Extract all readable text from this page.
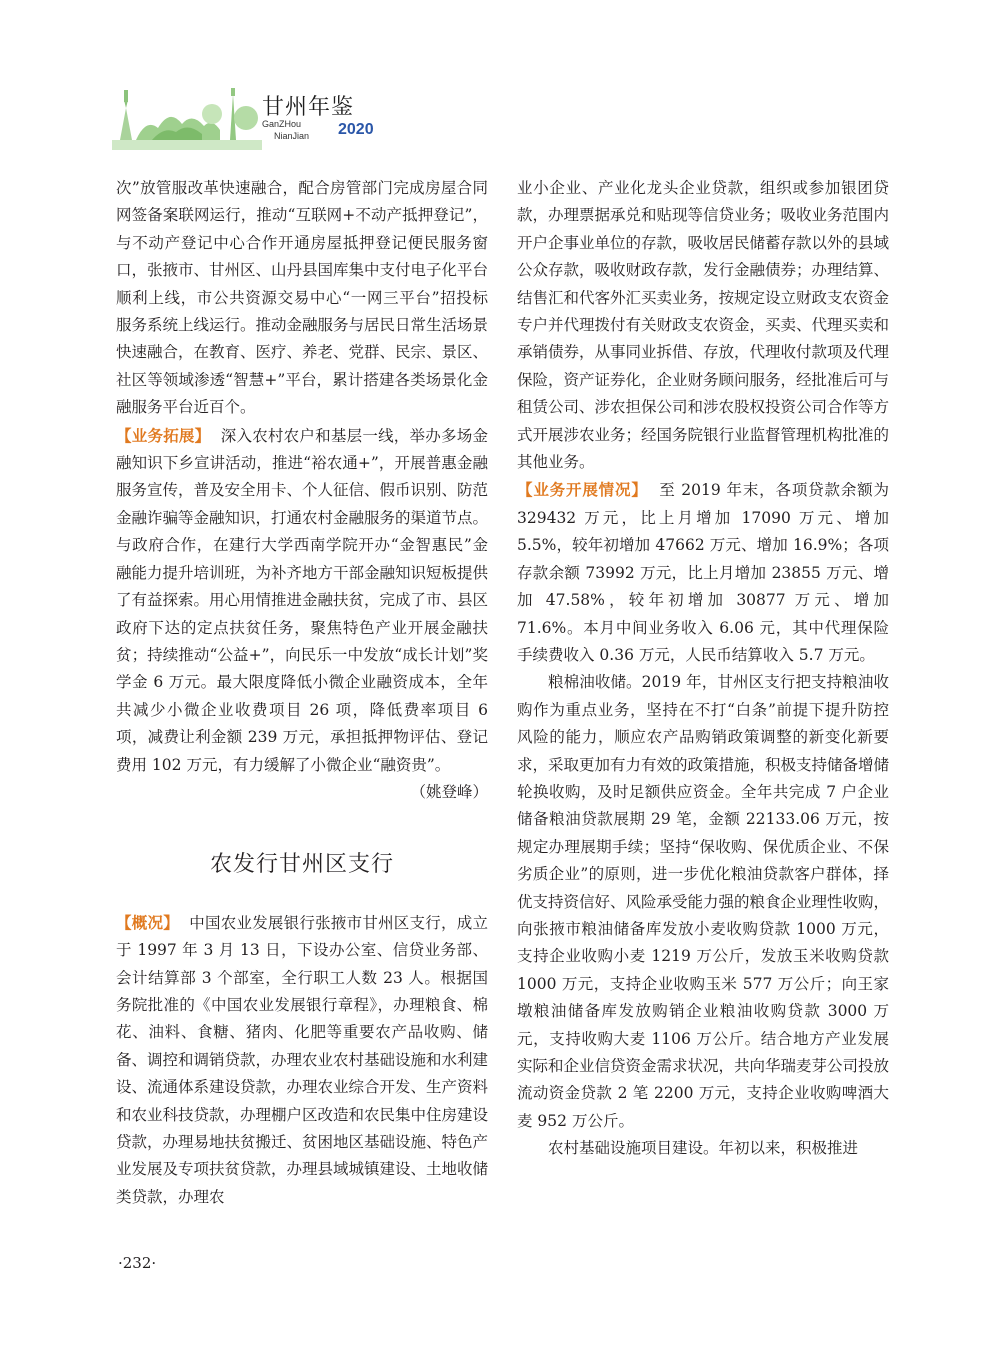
甘州年鉴
GanZHou
NianJian 2020

次”放管服改革快速融合，配合房管部门完成房屋合同网签备案联网运行，推动“互联网+不动产抵押登记”，与不动产登记中心合作开通房屋抵押登记便民服务窗口，张掖市、甘州区、山丹县国库集中支付电子化平台顺利上线，市公共资源交易中心“一网三平台”招投标服务系统上线运行。推动金融服务与居民日常生活场景快速融合，在教育、医疗、养老、党群、民宗、景区、社区等领域渗透“智慧+”平台，累计搭建各类场景化金融服务平台近百个。

【业务拓展】 深入农村农户和基层一线，举办多场金融知识下乡宣讲活动，推进“裕农通+”，开展普惠金融服务宣传，普及安全用卡、个人征信、假币识别、防范金融诈骗等金融知识，打通农村金融服务的渠道节点。与政府合作，在建行大学西南学院开办“金智惠民”金融能力提升培训班，为补齐地方干部金融知识短板提供了有益探索。用心用情推进金融扶贫，完成了市、县区政府下达的定点扶贫任务，聚焦特色产业开展金融扶贫；持续推动“公益+”，向民乐一中发放“成长计划”奖学金 6 万元。最大限度降低小微企业融资成本，全年共减少小微企业收费项目 26 项，降低费率项目 6 项，减费让利金额 239 万元，承担抵押物评估、登记费用 102 万元，有力缓解了小微企业“融资贵”。

（姚登峰）

农发行甘州区支行

【概况】 中国农业发展银行张掖市甘州区支行，成立于 1997 年 3 月 13 日，下设办公室、信贷业务部、会计结算部 3 个部室，全行职工人数 23 人。根据国务院批准的《中国农业发展银行章程》，办理粮食、棉花、油料、食糖、猪肉、化肥等重要农产品收购、储备、调控和调销贷款，办理农业农村基础设施和水利建设、流通体系建设贷款，办理农业综合开发、生产资料和农业科技贷款，办理棚户区改造和农民集中住房建设贷款，办理易地扶贫搬迁、贫困地区基础设施、特色产业发展及专项扶贫贷款，办理县域城镇建设、土地收储类贷款，办理农

业小企业、产业化龙头企业贷款，组织或参加银团贷款，办理票据承兑和贴现等信贷业务；吸收业务范围内开户企事业单位的存款，吸收居民储蓄存款以外的县域公众存款，吸收财政存款，发行金融债券；办理结算、结售汇和代客外汇买卖业务，按规定设立财政支农资金专户并代理拨付有关财政支农资金，买卖、代理买卖和承销债券，从事同业拆借、存放，代理收付款项及代理保险，资产证券化，企业财务顾问服务，经批准后可与租赁公司、涉农担保公司和涉农股权投资公司合作等方式开展涉农业务；经国务院银行业监督管理机构批准的其他业务。

【业务开展情况】 至 2019 年末，各项贷款余额为 329432 万元，比上月增加 17090 万元、增加 5.5%，较年初增加 47662 万元、增加 16.9%；各项存款余额 73992 万元，比上月增加 23855 万元、增加 47.58%，较年初增加 30877 万元、增加 71.6%。本月中间业务收入 6.06 元，其中代理保险手续费收入 0.36 万元，人民币结算收入 5.7 万元。

粮棉油收储。2019 年，甘州区支行把支持粮油收购作为重点业务，坚持在不打“白条”前提下提升防控风险的能力，顺应农产品购销政策调整的新变化新要求，采取更加有力有效的政策措施，积极支持储备增储轮换收购，及时足额供应资金。全年共完成 7 户企业储备粮油贷款展期 29 笔，金额 22133.06 万元，按规定办理展期手续；坚持“保收购、保优质企业、不保劣质企业”的原则，进一步优化粮油贷款客户群体，择优支持资信好、风险承受能力强的粮食企业理性收购，向张掖市粮油储备库发放小麦收购贷款 1000 万元，支持企业收购小麦 1219 万公斤，发放玉米收购贷款 1000 万元，支持企业收购玉米 577 万公斤；向王家墩粮油储备库发放购销企业粮油收购贷款 3000 万元，支持收购大麦 1106 万公斤。结合地方产业发展实际和企业信贷资金需求状况，共向华瑞麦芽公司投放流动资金贷款 2 笔 2200 万元，支持企业收购啤酒大麦 952 万公斤。

农村基础设施项目建设。年初以来，积极推进

·232·
